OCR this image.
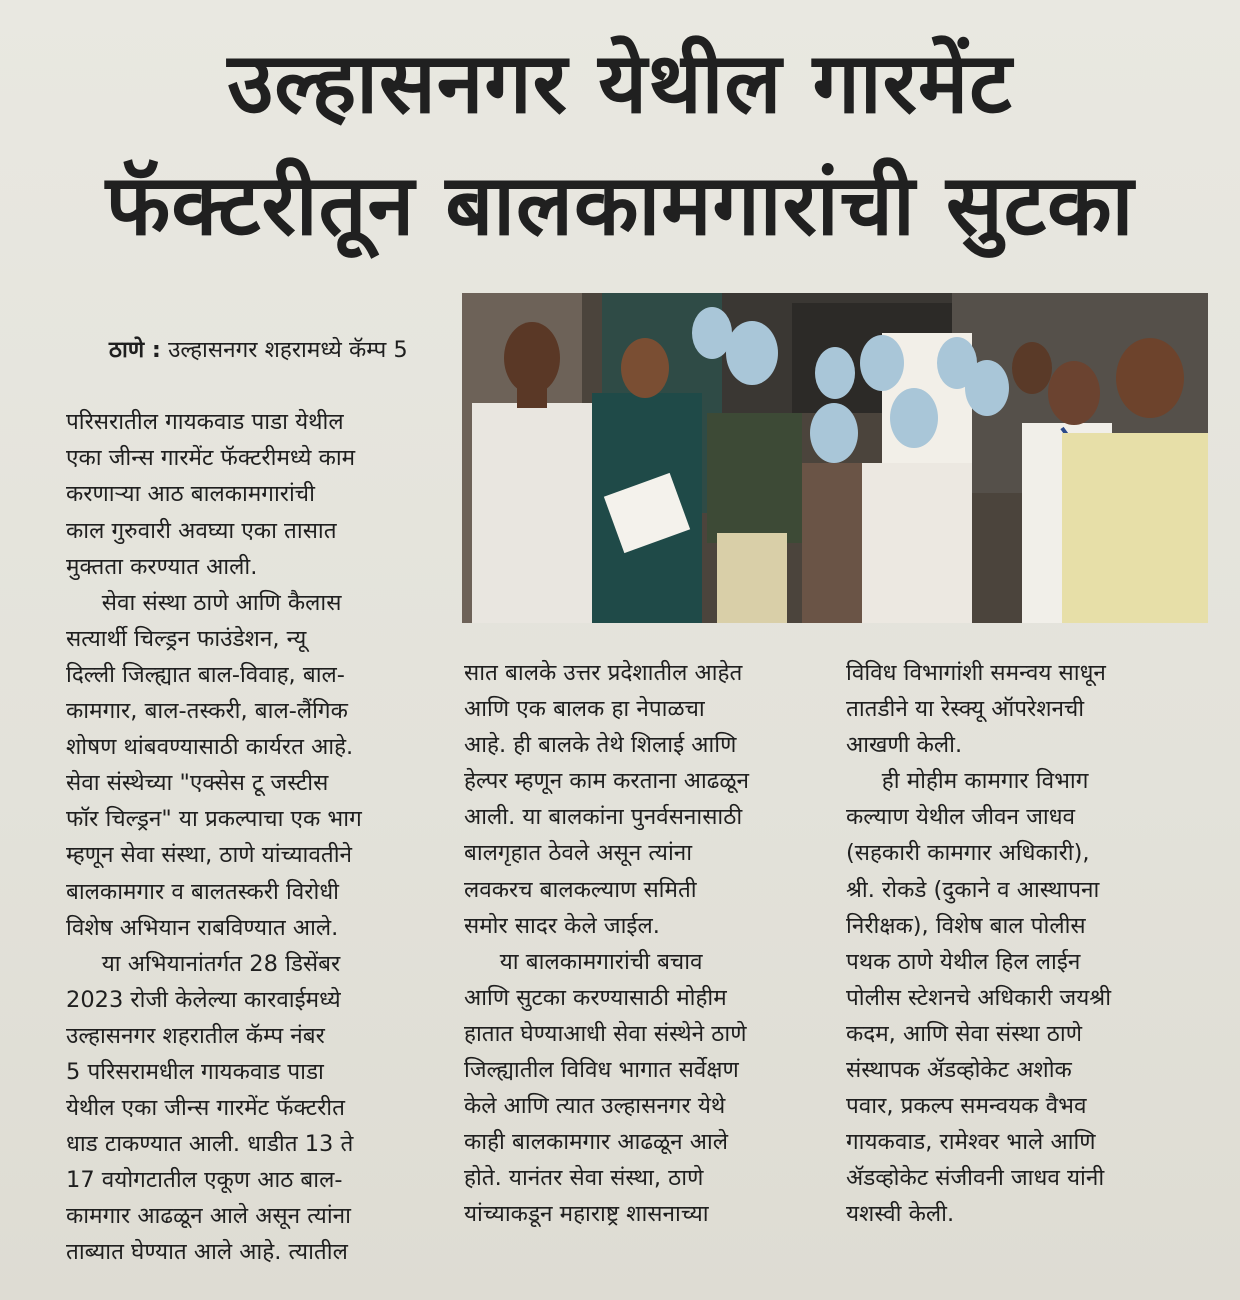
उल्हासनगर येथील गारमेंट
फॅक्टरीतून बालकामगारांची सुटका

ठाणे : उल्हासनगर शहरामध्ये कॅम्प 5

परिसरातील गायकवाड पाडा येथील
एका जीन्स गारमेंट फॅक्टरीमध्ये काम
करणाऱ्या आठ बालकामगारांची
काल गुरुवारी अवघ्या एका तासात
मुक्तता करण्यात आली.
सेवा संस्था ठाणे आणि कैलास
सत्यार्थी चिल्ड्रन फाउंडेशन, न्यू
दिल्ली जिल्ह्यात बाल-विवाह, बाल-
कामगार, बाल-तस्करी, बाल-लैंगिक
शोषण थांबवण्यासाठी कार्यरत आहे.
सेवा संस्थेच्या "एक्सेस टू जस्टीस
फॉर चिल्ड्रन" या प्रकल्पाचा एक भाग
म्हणून सेवा संस्था, ठाणे यांच्यावतीने
बालकामगार व बालतस्करी विरोधी
विशेष अभियान राबविण्यात आले.
या अभियानांतर्गत 28 डिसेंबर
2023 रोजी केलेल्या कारवाईमध्ये
उल्हासनगर शहरातील कॅम्प नंबर
5 परिसरामधील गायकवाड पाडा
येथील एका जीन्स गारमेंट फॅक्टरीत
धाड टाकण्यात आली. धाडीत 13 ते
17 वयोगटातील एकूण आठ बाल-
कामगार आढळून आले असून त्यांना
ताब्यात घेण्यात आले आहे. त्यातील
सात बालके उत्तर प्रदेशातील आहेत
आणि एक बालक हा नेपाळचा
आहे. ही बालके तेथे शिलाई आणि
हेल्पर म्हणून काम करताना आढळून
आली. या बालकांना पुनर्वसनासाठी
बालगृहात ठेवले असून त्यांना
लवकरच बालकल्याण समिती
समोर सादर केले जाईल.
या बालकामगारांची बचाव
आणि सुटका करण्यासाठी मोहीम
हातात घेण्याआधी सेवा संस्थेने ठाणे
जिल्ह्यातील विविध भागात सर्वेक्षण
केले आणि त्यात उल्हासनगर येथे
काही बालकामगार आढळून आले
होते. यानंतर सेवा संस्था, ठाणे
यांच्याकडून महाराष्ट्र शासनाच्या
विविध विभागांशी समन्वय साधून
तातडीने या रेस्क्यू ऑपरेशनची
आखणी केली.
ही मोहीम कामगार विभाग
कल्याण येथील जीवन जाधव
(सहकारी कामगार अधिकारी),
श्री. रोकडे (दुकाने व आस्थापना
निरीक्षक), विशेष बाल पोलीस
पथक ठाणे येथील हिल लाईन
पोलीस स्टेशनचे अधिकारी जयश्री
कदम, आणि सेवा संस्था ठाणे
संस्थापक ॲडव्होकेट अशोक
पवार, प्रकल्प समन्वयक वैभव
गायकवाड, रामेश्वर भाले आणि
ॲडव्होकेट संजीवनी जाधव यांनी
यशस्वी केली.
